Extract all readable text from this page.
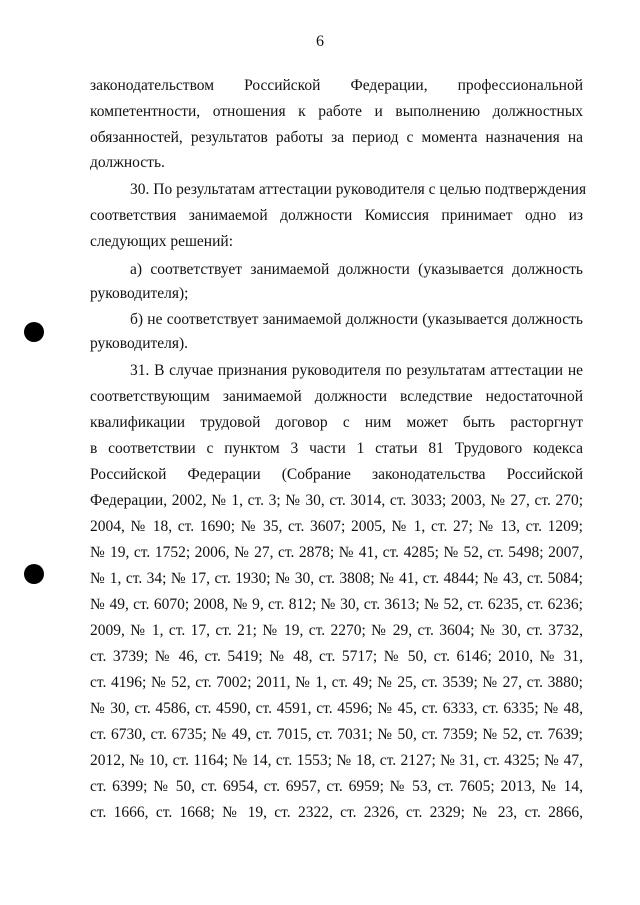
6
законодательством Российской Федерации, профессиональной
компетентности, отношения к работе и выполнению должностных
обязанностей, результатов работы за период с момента назначения на
должность.
30. По результатам аттестации руководителя с целью подтверждения
соответствия занимаемой должности Комиссия принимает одно из
следующих решений:
а) соответствует занимаемой должности (указывается должность
руководителя);
б) не соответствует занимаемой должности (указывается должность
руководителя).
31. В случае признания руководителя по результатам аттестации не
соответствующим занимаемой должности вследствие недостаточной
квалификации трудовой договор с ним может быть расторгнут
в соответствии с пунктом 3 части 1 статьи 81 Трудового кодекса
Российской Федерации (Собрание законодательства Российской
Федерации, 2002, № 1, ст. 3; № 30, ст. 3014, ст. 3033; 2003, № 27, ст. 270;
2004, № 18, ст. 1690; № 35, ст. 3607; 2005, № 1, ст. 27; № 13, ст. 1209;
№ 19, ст. 1752; 2006, № 27, ст. 2878; № 41, ст. 4285; № 52, ст. 5498; 2007,
№ 1, ст. 34; № 17, ст. 1930; № 30, ст. 3808; № 41, ст. 4844; № 43, ст. 5084;
№ 49, ст. 6070; 2008, № 9, ст. 812; № 30, ст. 3613; № 52, ст. 6235, ст. 6236;
2009, № 1, ст. 17, ст. 21; № 19, ст. 2270; № 29, ст. 3604; № 30, ст. 3732,
ст. 3739; № 46, ст. 5419; № 48, ст. 5717; № 50, ст. 6146; 2010, № 31,
ст. 4196; № 52, ст. 7002; 2011, № 1, ст. 49; № 25, ст. 3539; № 27, ст. 3880;
№ 30, ст. 4586, ст. 4590, ст. 4591, ст. 4596; № 45, ст. 6333, ст. 6335; № 48,
ст. 6730, ст. 6735; № 49, ст. 7015, ст. 7031; № 50, ст. 7359; № 52, ст. 7639;
2012, № 10, ст. 1164; № 14, ст. 1553; № 18, ст. 2127; № 31, ст. 4325; № 47,
ст. 6399; № 50, ст. 6954, ст. 6957, ст. 6959; № 53, ст. 7605; 2013, № 14,
ст. 1666, ст. 1668; № 19, ст. 2322, ст. 2326, ст. 2329; № 23, ст. 2866,
